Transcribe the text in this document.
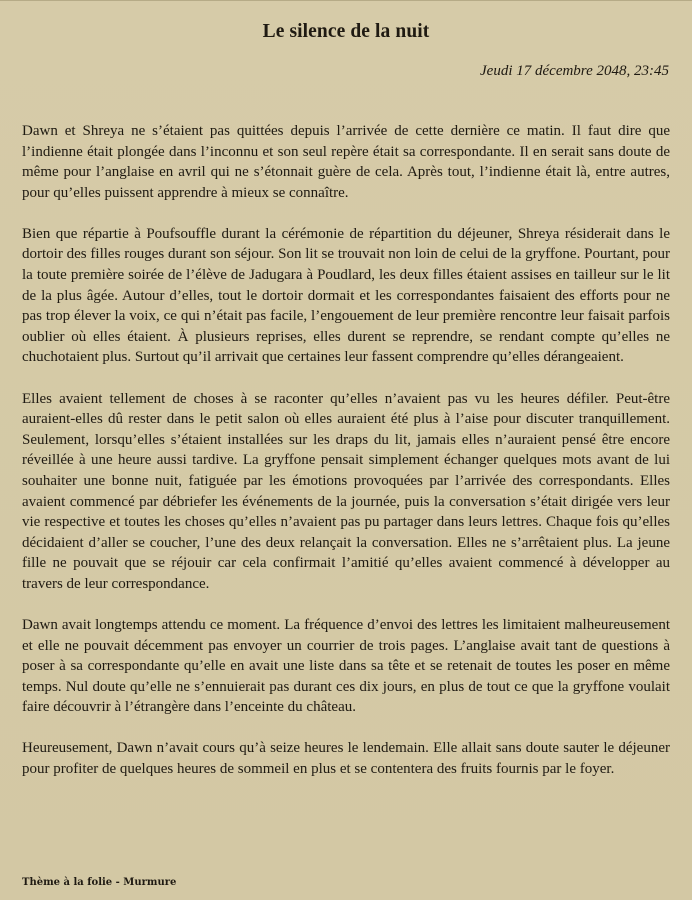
Le silence de la nuit
Jeudi 17 décembre 2048, 23:45

Dawn et Shreya ne s’étaient pas quittées depuis l’arrivée de cette dernière ce matin. Il faut dire que l’indienne était plongée dans l’inconnu et son seul repère était sa correspondante. Il en serait sans doute de même pour l’anglaise en avril qui ne s’étonnait guère de cela. Après tout, l’indienne était là, entre autres, pour qu’elles puissent apprendre à mieux se connaître.

Bien que répartie à Poufsouffle durant la cérémonie de répartition du déjeuner, Shreya résiderait dans le dortoir des filles rouges durant son séjour. Son lit se trouvait non loin de celui de la gryffone. Pourtant, pour la toute première soirée de l’élève de Jadugara à Poudlard, les deux filles étaient assises en tailleur sur le lit de la plus âgée. Autour d’elles, tout le dortoir dormait et les correspondantes faisaient des efforts pour ne pas trop élever la voix, ce qui n’était pas facile, l’engouement de leur première rencontre leur faisait parfois oublier où elles étaient. À plusieurs reprises, elles durent se reprendre, se rendant compte qu’elles ne chuchotaient plus. Surtout qu’il arrivait que certaines leur fassent comprendre qu’elles dérangeaient.

Elles avaient tellement de choses à se raconter qu’elles n’avaient pas vu les heures défiler. Peut-être auraient-elles dû rester dans le petit salon où elles auraient été plus à l’aise pour discuter tranquillement. Seulement, lorsqu’elles s’étaient installées sur les draps du lit, jamais elles n’auraient pensé être encore réveillée à une heure aussi tardive. La gryffone pensait simplement échanger quelques mots avant de lui souhaiter une bonne nuit, fatiguée par les émotions provoquées par l’arrivée des correspondants. Elles avaient commencé par débriefer les événements de la journée, puis la conversation s’était dirigée vers leur vie respective et toutes les choses qu’elles n’avaient pas pu partager dans leurs lettres. Chaque fois qu’elles décidaient d’aller se coucher, l’une des deux relançait la conversation. Elles ne s’arrêtaient plus. La jeune fille ne pouvait que se réjouir car cela confirmait l’amitié qu’elles avaient commencé à développer au travers de leur correspondance.

Dawn avait longtemps attendu ce moment. La fréquence d’envoi des lettres les limitaient malheureusement et elle ne pouvait décemment pas envoyer un courrier de trois pages. L’anglaise avait tant de questions à poser à sa correspondante qu’elle en avait une liste dans sa tête et se retenait de toutes les poser en même temps. Nul doute qu’elle ne s’ennuierait pas durant ces dix jours, en plus de tout ce que la gryffone voulait faire découvrir à l’étrangère dans l’enceinte du château.

Heureusement, Dawn n’avait cours qu’à seize heures le lendemain. Elle allait sans doute sauter le déjeuner pour profiter de quelques heures de sommeil en plus et se contentera des fruits fournis par le foyer.

Thème à la folie - Murmure
